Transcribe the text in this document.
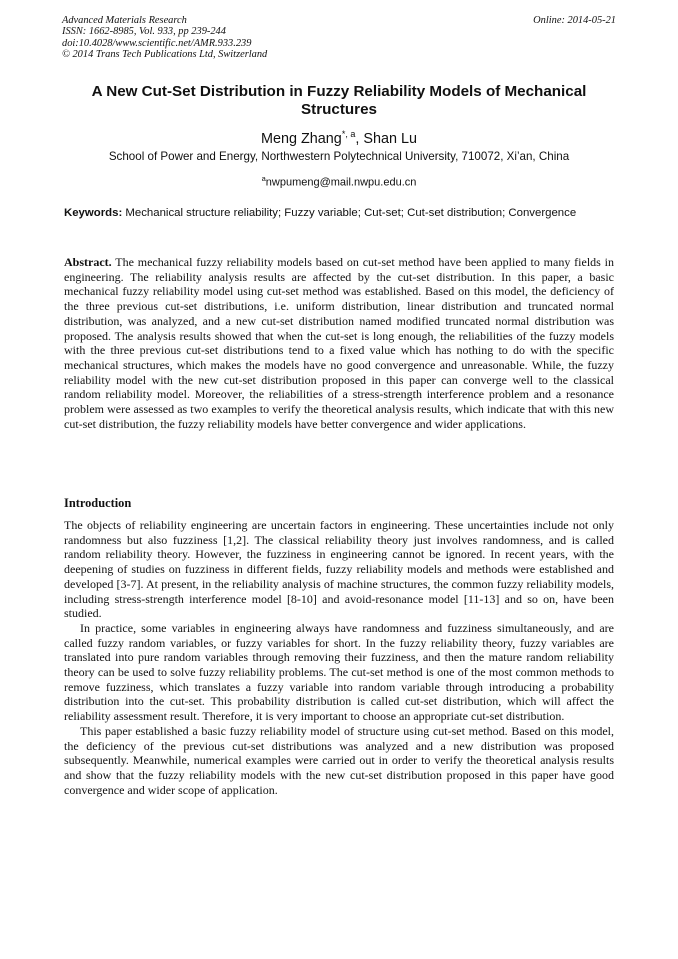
Advanced Materials Research
ISSN: 1662-8985, Vol. 933, pp 239-244
doi:10.4028/www.scientific.net/AMR.933.239
© 2014 Trans Tech Publications Ltd, Switzerland
Online: 2014-05-21
A New Cut-Set Distribution in Fuzzy Reliability Models of Mechanical Structures
Meng Zhang$^{*, a}$, Shan Lu
School of Power and Energy, Northwestern Polytechnical University, 710072, Xi’an, China
$^a$nwpumeng@mail.nwpu.edu.cn
Keywords: Mechanical structure reliability; Fuzzy variable; Cut-set; Cut-set distribution; Convergence
Abstract. The mechanical fuzzy reliability models based on cut-set method have been applied to many fields in engineering. The reliability analysis results are affected by the cut-set distribution. In this paper, a basic mechanical fuzzy reliability model using cut-set method was established. Based on this model, the deficiency of the three previous cut-set distributions, i.e. uniform distribution, linear distribution and truncated normal distribution, was analyzed, and a new cut-set distribution named modified truncated normal distribution was proposed. The analysis results showed that when the cut-set is long enough, the reliabilities of the fuzzy models with the three previous cut-set distributions tend to a fixed value which has nothing to do with the specific mechanical structures, which makes the models have no good convergence and unreasonable. While, the fuzzy reliability model with the new cut-set distribution proposed in this paper can converge well to the classical random reliability model. Moreover, the reliabilities of a stress-strength interference problem and a resonance problem were assessed as two examples to verify the theoretical analysis results, which indicate that with this new cut-set distribution, the fuzzy reliability models have better convergence and wider applications.
Introduction

The objects of reliability engineering are uncertain factors in engineering. These uncertainties include not only randomness but also fuzziness [1,2]. The classical reliability theory just involves randomness, and is called random reliability theory. However, the fuzziness in engineering cannot be ignored. In recent years, with the deepening of studies on fuzziness in different fields, fuzzy reliability models and methods were established and developed [3-7]. At present, in the reliability analysis of machine structures, the common fuzzy reliability models, including stress-strength interference model [8-10] and avoid-resonance model [11-13] and so on, have been studied.

In practice, some variables in engineering always have randomness and fuzziness simultaneously, and are called fuzzy random variables, or fuzzy variables for short. In the fuzzy reliability theory, fuzzy variables are translated into pure random variables through removing their fuzziness, and then the mature random reliability theory can be used to solve fuzzy reliability problems. The cut-set method is one of the most common methods to remove fuzziness, which translates a fuzzy variable into random variable through introducing a probability distribution into the cut-set. This probability distribution is called cut-set distribution, which will affect the reliability assessment result. Therefore, it is very important to choose an appropriate cut-set distribution.

This paper established a basic fuzzy reliability model of structure using cut-set method. Based on this model, the deficiency of the previous cut-set distributions was analyzed and a new distribution was proposed subsequently. Meanwhile, numerical examples were carried out in order to verify the theoretical analysis results and show that the fuzzy reliability models with the new cut-set distribution proposed in this paper have good convergence and wider scope of application.
